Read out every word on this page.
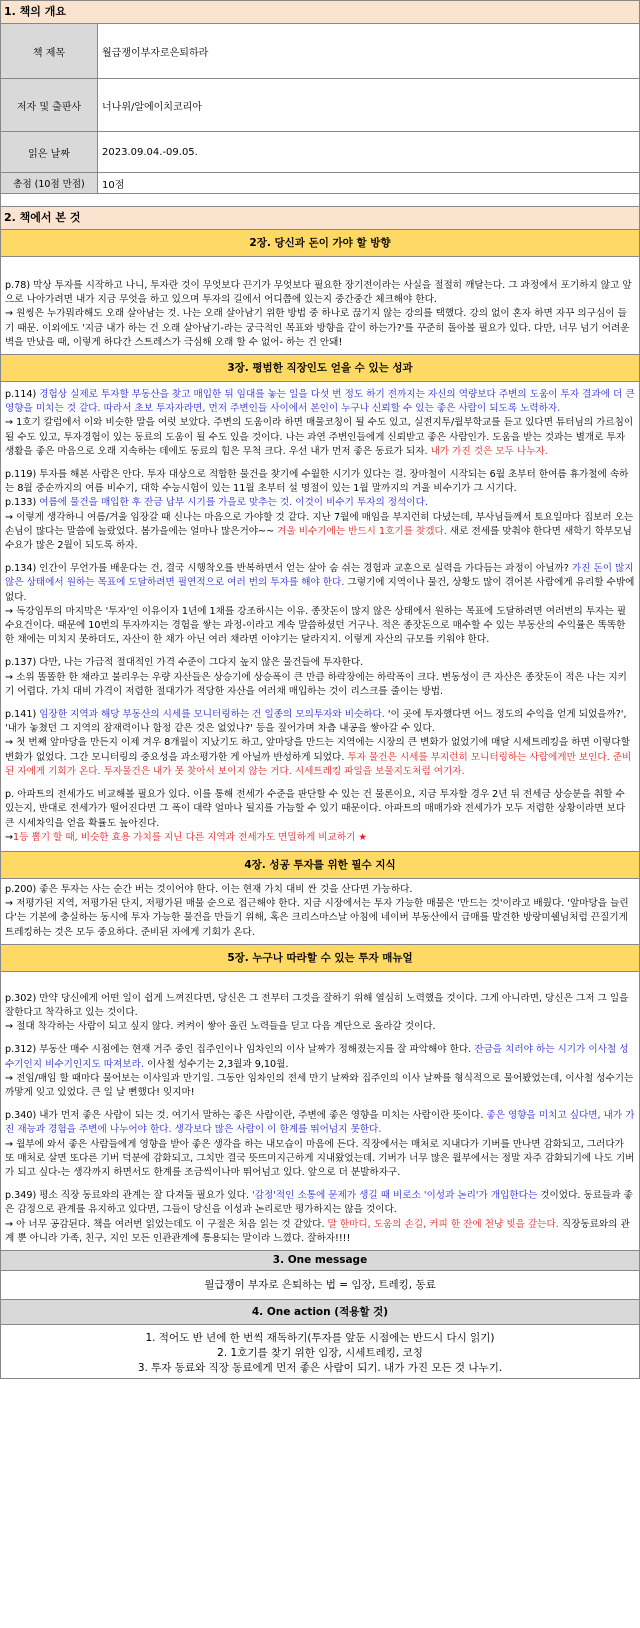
1. 책의 개요
책 제목	월급쟁이부자로은퇴하라
저자 및 출판사	너나위/알에이치코리아
읽은 날짜	2023.09.04.-09.05.
총점 (10점 만점)	10점
2. 책에서 본 것
2장. 당신과 돈이 가야 할 방향
p.78) 막상 투자를 시작하고 나니, 투자란 것이 무엇보다 끈기가 무엇보다 필요한 장기전이라는 사실을 절절히 깨달는다. 그 과정에서 포기하지 않고 앞으로 나아가려면 내가 지금 무엇을 하고 있으며 투자의 길에서 어디쯤에 있는지 중간중간 체크해야 한다.
→ 원씽은 누가뭐라해도 오래 살아남는 것. 나는 오래 살아남기 위한 방법 중 하나로 끊기지 않는 강의를 택했다. 강의 없이 혼자 하면 자꾸 의구심이 들기 때문. 이외에도 '지금 내가 하는 건 오래 살아남기-라는 궁극적인 목표와 방향을 같이 하는가?'를 꾸준히 돌아볼 필요가 있다. 다만, 너무 넘기 어려운 벽을 만났을 때, 이렇게 하다간 스트레스가 극심해 오래 할 수 없어- 하는 건 안돼!
3장. 평범한 직장인도 얻을 수 있는 성과
p.114) 경험상 실제로 투자할 부동산을 찾고 매입한 뒤 임대를 놓는 일을 다섯 번 정도 하기 전까지는 자신의 역량보다 주변의 도움이 투자 결과에 더 큰 영향을 미치는 것 같다. 따라서 초보 투자자라면, 먼저 주변인들 사이에서 본인이 누구나 신뢰할 수 있는 좋은 사람이 되도록 노력하자.
→ 1호기 칼럼에서 이와 비슷한 말을 여럿 보았다. 주변의 도움이라 하면 매물코칭이 될 수도 있고, 실전지투/월부학교를 듣고 있다면 튜터님의 가르침이 될 수도 있고, 투자경험이 있는 동료의 도움이 될 수도 있을 것이다. 나는 과연 주변인들에게 신뢰받고 좋은 사람인가. 도움을 받는 것과는 별개로 투자 생활을 좋은 마음으로 오래 지속하는 데에도 동료의 힘은 무척 크다. 우선 내가 먼저 좋은 동료가 되자. 내가 가진 것은 모두 나누자.
p.119) 투자를 해본 사람은 안다. 투자 대상으로 적합한 물건을 찾기에 수월한 시기가 있다는 걸. 장마철이 시작되는 6월 초부터 한여름 휴가철에 속하는 8월 중순까지의 여름 비수기, 대학 수능시험이 있는 11월 초부터 설 명절이 있는 1월 말까지의 겨울 비수기가 그 시기다.
p.133) 여름에 물건을 매입한 후 잔금 납부 시기를 가을로 맞추는 것. 이것이 비수기 투자의 정석이다.
→ 이렇게 생각하니 여름/겨울 임장갈 때 신나는 마음으로 가야할 것 같다. 지난 7월에 매임을 부지런히 다녔는데, 부사님들께서 토요일마다 집보러 오는 손님이 많다는 말씀에 놀랐었다. 봄가을에는 얼마나 많은거야~~ 겨울 비수기에는 반드시 1호기를 찾겠다. 새로 전세를 맞춰야 한다면 새학기 학부모님 수요가 많은 2월이 되도록 하자.
p.134) 인간이 무언가를 배운다는 건, 결국 시행착오를 반복하면서 얻는 살아 숨 쉬는 경험과 교훈으로 실력을 가다듬는 과정이 아닐까? 가진 돈이 많지 않은 상태에서 원하는 목표에 도달하려면 필연적으로 여러 번의 투자를 해야 한다. 그렇기에 지역이나 물건, 상황도 많이 겪어본 사람에게 유리할 수밖에 없다.
→ 독강임투의 마지막은 '투자'인 이유이자 1년에 1채를 강조하시는 이유. 종잣돈이 많지 않은 상태에서 원하는 목표에 도달하려면 여러번의 투자는 필수요건이다. 때문에 10번의 투자까지는 경험을 쌓는 과정-이라고 계속 말씀하셨던 거구나. 적은 종잣돈으로 매수할 수 있는 부동산의 수익률은 똑똑한 한 채에는 미치지 못하더도, 자산이 한 채가 아닌 여러 채라면 이야기는 달라지지. 이렇게 자산의 규모를 키워야 한다.
p.137) 다만, 나는 가급적 절대적인 가격 수준이 그다지 높지 않은 물건들에 투자한다.
→ 소위 똘똘한 한 채라고 불리우는 우량 자산들은 상승기에 상승폭이 큰 만큼 하락장에는 하락폭이 크다. 변동성이 큰 자산은 종잣돈이 적은 나는 지키기 어렵다. 가치 대비 가격이 저렴한 절대가가 적당한 자산을 여러채 매입하는 것이 리스크를 줄이는 방법.
p.141) 임장한 지역과 해당 부동산의 시세를 모니터링하는 건 일종의 모의투자와 비슷하다. '이 곳에 투자했다면 어느 정도의 수익을 얻게 되었을까?', '내가 놓쳤던 그 지역의 잠재력이나 함정 같은 것은 없었나?' 등을 짚어가며 차츰 내공을 쌓아갈 수 있다.
→ 첫 번째 앞마당을 만든지 이제 겨우 8개월이 지났기도 하고, 앞마당을 만드는 지역에는 시장의 큰 변화가 없었기에 매달 시세트레킹을 하면 이렇다할 변화가 없었다. 그간 모니터링의 중요성을 과소평가한 게 아닐까 반성하게 되었다. 투자 물건은 시세를 부지런히 모니터링하는 사람에게만 보인다. 준비된 자에게 기회가 온다. 투자물건은 내가 못 찾아서 보이지 않는 거다. 시세트레킹 파일을 보물지도처럼 여기자.
p. 아파트의 전세가도 비교해볼 필요가 있다. 이를 통해 전세가 수준을 판단할 수 있는 건 물론이요, 지금 투자할 경우 2년 뒤 전세금 상승분을 취할 수 있는지, 반대로 전세가가 떨어진다면 그 폭이 대략 얼마나 될지를 가늠할 수 있기 때문이다. 아파트의 매매가와 전세가가 모두 저렴한 상황이라면 보다 큰 시세차익을 얻을 확률도 높아진다.
→1등 뽑기 할 때, 비슷한 효용 가치를 지닌 다른 지역과 전세가도 면밀하게 비교하기 ★
4장. 성공 투자를 위한 필수 지식
p.200) 좋은 투자는 사는 순간 버는 것이어야 한다. 이는 현재 가치 대비 싼 것을 산다면 가능하다.
→ 저평가된 지역, 저평가된 단지, 저평가된 매물 순으로 접근해야 한다. 지금 시장에서는 투자 가능한 매물은 '만드는 것'이라고 배웠다. '앞마당을 늘린다'는 기본에 충실하는 동시에 투자 가능한 물건을 만들기 위해, 혹은 크리스마스날 아침에 네이버 부동산에서 급매를 발견한 방랑미쉘님처럼 끈질기게 트레킹하는 것은 모두 중요하다. 준비된 자에게 기회가 온다.
5장. 누구나 따라할 수 있는 투자 매뉴얼
p.302) 만약 당신에게 어떤 일이 쉽게 느껴진다면, 당신은 그 전부터 그것을 잘하기 위해 열심히 노력했을 것이다. 그게 아니라면, 당신은 그저 그 일을 잘한다고 착각하고 있는 것이다.
→ 절대 착각하는 사람이 되고 싶지 않다. 켜켜이 쌓아 올린 노력들을 딛고 다음 계단으로 올라갈 것이다.
p.312) 부동산 매수 시점에는 현재 거주 중인 집주인이나 임차인의 이사 날짜가 정해졌는지를 잘 파악해야 한다. 잔금을 치러야 하는 시기가 이사철 성수기인지 비수기인지도 따져보라. 이사철 성수기는 2,3월과 9,10월.
→ 전임/매임 할 때마다 물어보는 이사일과 만기일. 그동안 임차인의 전세 만기 날짜와 집주인의 이사 날짜를 형식적으로 물어봤었는데, 이사철 성수기는 까맣게 잊고 있었다. 큰 일 날 뻔했다! 잊지마!
p.340) 내가 먼저 좋은 사람이 되는 것. 여기서 말하는 좋은 사람이란, 주변에 좋은 영향을 미치는 사람이란 뜻이다. 좋은 영향을 미치고 싶다면, 내가 가진 재능과 경험을 주변에 나누어야 한다. 생각보다 많은 사람이 이 한계를 뛰어넘지 못한다.
→ 월부에 와서 좋은 사람들에게 영향을 받아 좋은 생각을 하는 내모습이 마음에 든다. 직장에서는 매처로 지내다가 기버를 만나면 감화되고, 그러다가 또 매처로 살면 또다른 기버 덕분에 감화되고, 그치만 결국 뜻뜨미지근하게 지내왔었는데. 기버가 너무 많은 월부에서는 정말 자주 감화되기에 나도 기버가 되고 싶다-는 생각까지 하면서도 한계를 조금씩이나마 뛰어넘고 있다. 앞으로 더 분발하자구.
p.349) 평소 직장 동료와의 관계는 잘 다져둘 필요가 있다. '감정'적인 소통에 문제가 생길 때 비로소 '이성과 논리'가 개입한다는 것이었다. 동료들과 좋은 감정으로 관계를 유지하고 있다면, 그들이 당신을 이성과 논리로만 평가하지는 않을 것이다.
→ 아 너무 공감된다. 책을 여러번 읽었는데도 이 구절은 처음 읽는 것 같았다. 말 한마디, 도움의 손길, 커피 한 잔에 천냥 빚을 갚는다. 직장동료와의 관계 뿐 아니라 가족, 친구, 지인 모든 인관관계에 통용되는 말이라 느꼈다. 잘하자!!!!
3. One message
월급쟁이 부자로 은퇴하는 법 = 임장, 트레킹, 동료
4. One action (적용할 것)
1. 적어도 반 년에 한 번씩 재독하기(투자를 앞둔 시점에는 반드시 다시 읽기)
2. 1호기를 찾기 위한 임장, 시세트레킹, 코칭
3. 투자 동료와 직장 동료에게 먼저 좋은 사람이 되기. 내가 가진 모든 것 나누기.
